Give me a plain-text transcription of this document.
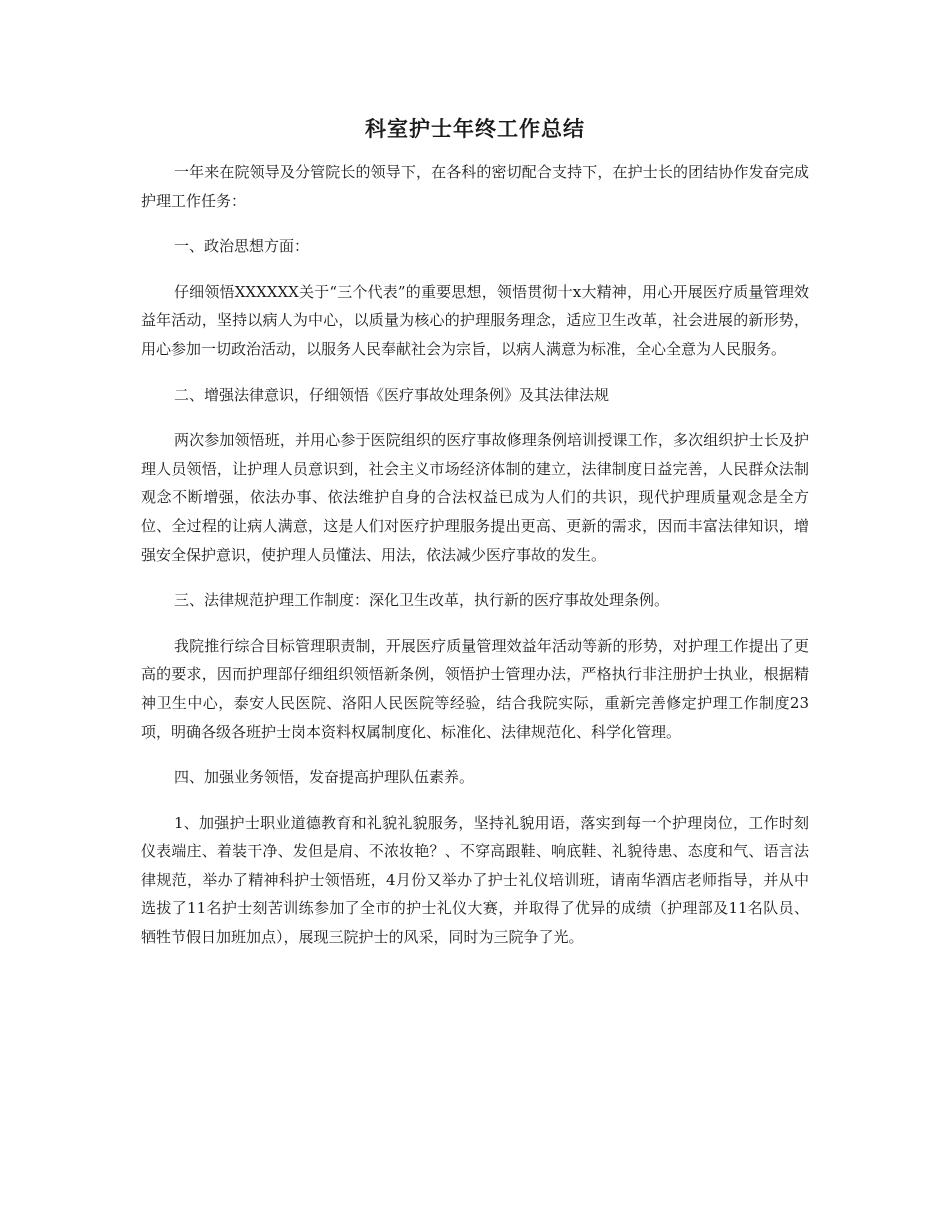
科室护士年终工作总结

一年来在院领导及分管院长的领导下，在各科的密切配合支持下，在护士长的团结协作发奋完成护理工作任务：

一、政治思想方面：

仔细领悟XXXXXX关于“三个代表”的重要思想，领悟贯彻十x大精神，用心开展医疗质量管理效益年活动，坚持以病人为中心，以质量为核心的护理服务理念，适应卫生改革，社会进展的新形势，用心参加一切政治活动，以服务人民奉献社会为宗旨，以病人满意为标准，全心全意为人民服务。

二、增强法律意识，仔细领悟《医疗事故处理条例》及其法律法规

两次参加领悟班，并用心参于医院组织的医疗事故修理条例培训授课工作，多次组织护士长及护理人员领悟，让护理人员意识到，社会主义市场经济体制的建立，法律制度日益完善，人民群众法制观念不断增强，依法办事、依法维护自身的合法权益已成为人们的共识，现代护理质量观念是全方位、全过程的让病人满意，这是人们对医疗护理服务提出更高、更新的需求，因而丰富法律知识，增强安全保护意识，使护理人员懂法、用法，依法减少医疗事故的发生。

三、法律规范护理工作制度：深化卫生改革，执行新的医疗事故处理条例。

我院推行综合目标管理职责制，开展医疗质量管理效益年活动等新的形势，对护理工作提出了更高的要求，因而护理部仔细组织领悟新条例，领悟护士管理办法，严格执行非注册护士执业，根据精神卫生中心，泰安人民医院、洛阳人民医院等经验，结合我院实际，重新完善修定护理工作制度23项，明确各级各班护士岗本资料权属制度化、标准化、法律规范化、科学化管理。

四、加强业务领悟，发奋提高护理队伍素养。

1、加强护士职业道德教育和礼貌礼貌服务，坚持礼貌用语，落实到每一个护理岗位，工作时刻仪表端庄、着装干净、发但是肩、不浓妆艳？、不穿高跟鞋、响底鞋、礼貌待患、态度和气、语言法律规范，举办了精神科护士领悟班，4月份又举办了护士礼仪培训班，请南华酒店老师指导，并从中选拔了11名护士刻苦训练参加了全市的护士礼仪大赛，并取得了优异的成绩（护理部及11名队员、牺牲节假日加班加点），展现三院护士的风采，同时为三院争了光。
